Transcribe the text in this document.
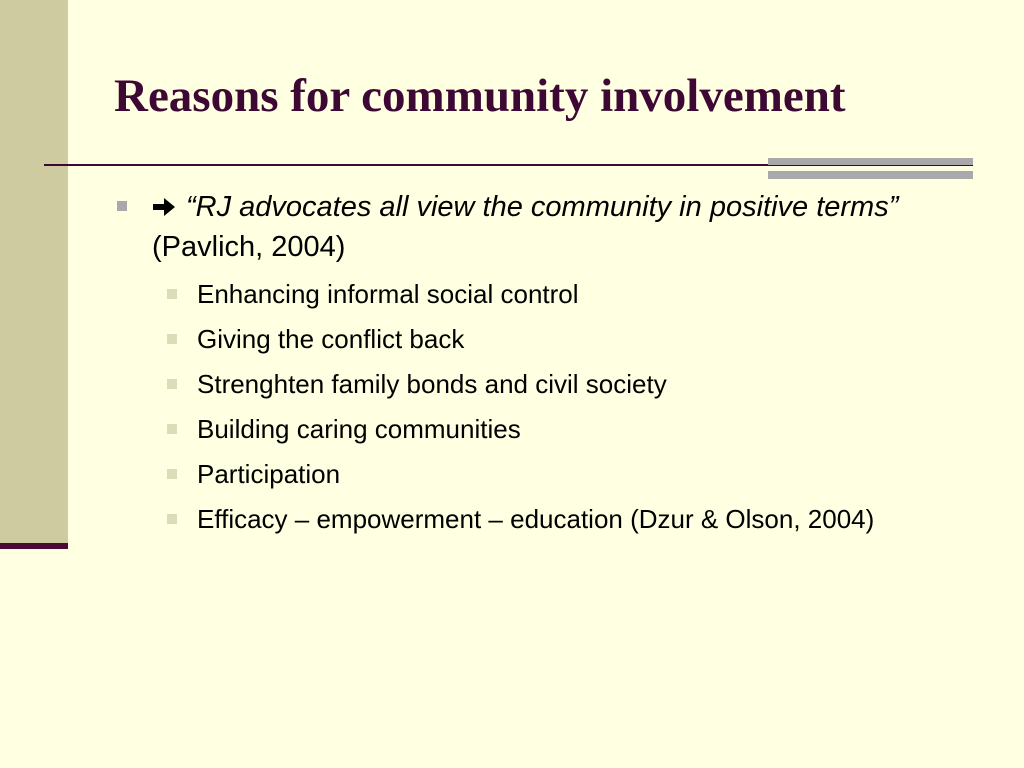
Reasons for community involvement
“RJ advocates all view the community in positive terms” (Pavlich, 2004)
Enhancing informal social control
Giving the conflict back
Strenghten family bonds and civil society
Building caring communities
Participation
Efficacy – empowerment – education (Dzur & Olson, 2004)
